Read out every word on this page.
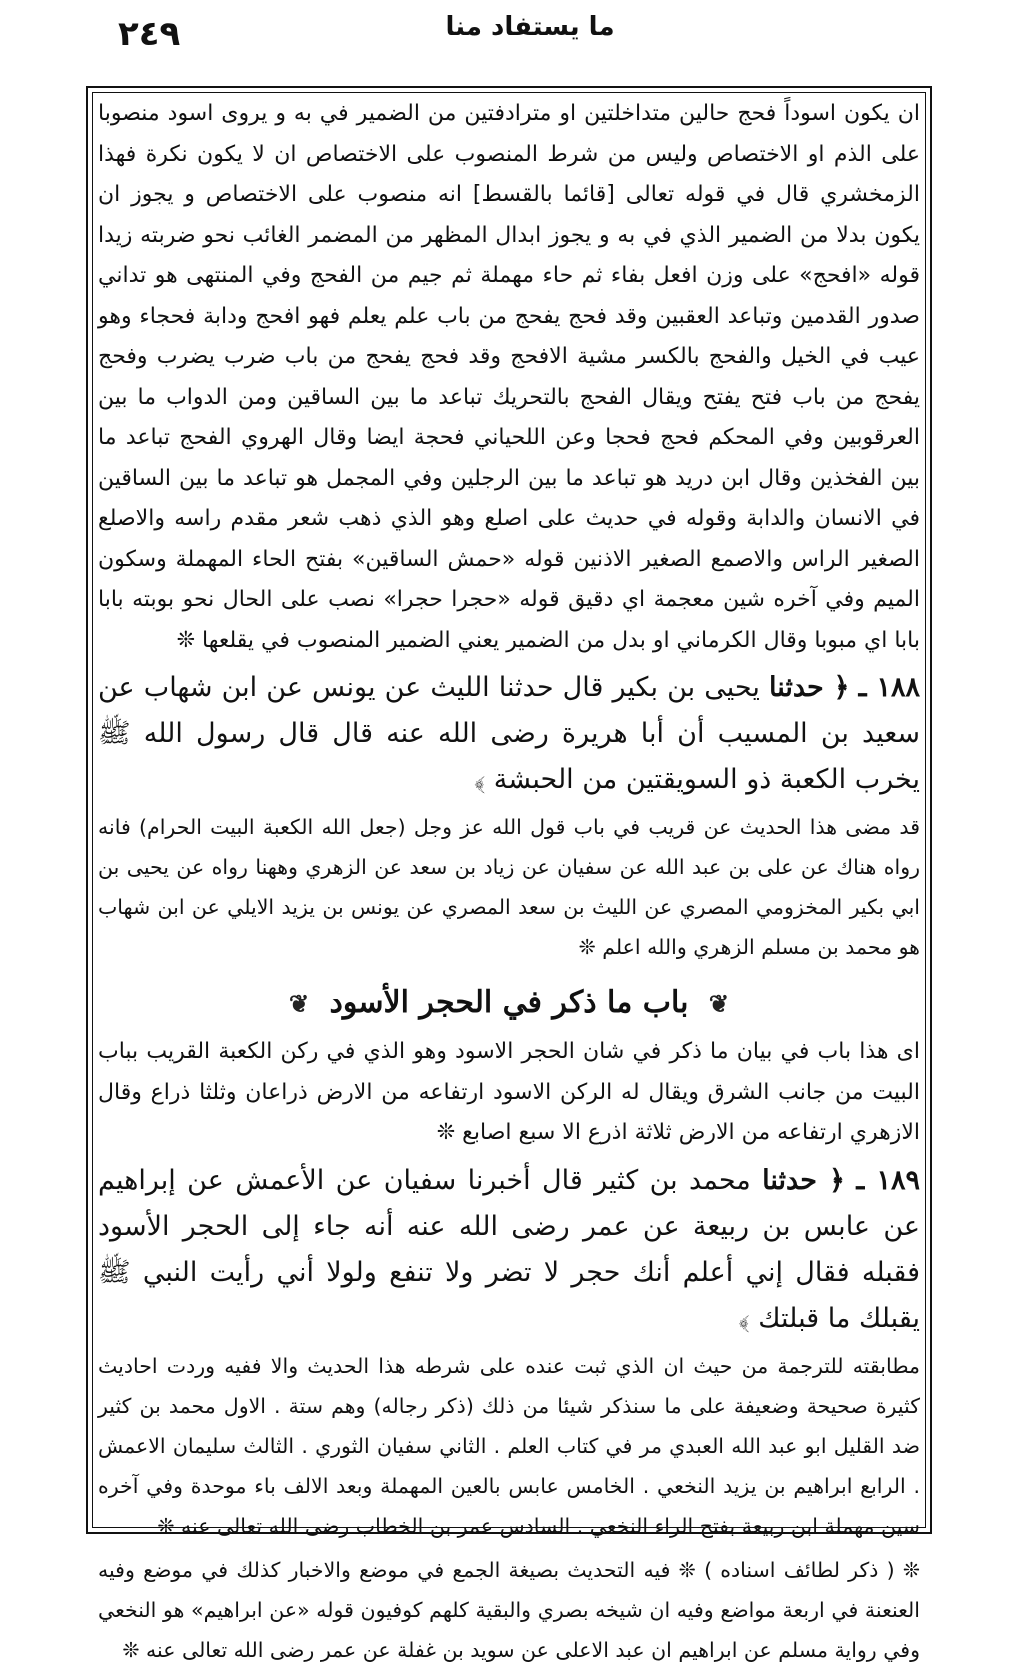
٢٤٩	ما يستفاد منا

ان يكون اسوداً فحج حالين متداخلتين او مترادفتين من الضمير في به و يروى اسود منصوبا على الذم او الاختصاص وليس من شرط المنصوب على الاختصاص ان لا يكون نكرة فهذا الزمخشري قال في قوله تعالى [قائما بالقسط] انه منصوب على الاختصاص و يجوز ان يكون بدلا من الضمير الذي في به و يجوز ابدال المظهر من المضمر الغائب نحو ضربته زيدا قوله «افحج» على وزن افعل بفاء ثم حاء مهملة ثم جيم من الفحج وفي المنتهى هو تداني صدور القدمين وتباعد العقبين وقد فحج يفحج من باب علم يعلم فهو افحج ودابة فحجاء وهو عيب في الخيل والفحج بالكسر مشية الافحج وقد فحج يفحج من باب ضرب يضرب وفحج يفحج من باب فتح يفتح ويقال الفحج بالتحريك تباعد ما بين الساقين ومن الدواب ما بين العرقوبين وفي المحكم فحج فحجا وعن اللحياني فحجة ايضا وقال الهروي الفحج تباعد ما بين الفخذين وقال ابن دريد هو تباعد ما بين الرجلين وفي المجمل هو تباعد ما بين الساقين في الانسان والدابة وقوله في حديث على اصلع وهو الذي ذهب شعر مقدم راسه والاصلع الصغير الراس والاصمع الصغير الاذنين قوله «حمش الساقين» بفتح الحاء المهملة وسكون الميم وفي آخره شين معجمة اي دقيق قوله «حجرا حجرا» نصب على الحال نحو بوبته بابا بابا اي مبوبا وقال الكرماني او بدل من الضمير يعني الضمير المنصوب في يقلعها ❊

١٨٨ ـ ﴿ حدثنا يحيى بن بكير قال حدثنا الليث عن يونس عن ابن شهاب عن سعيد بن المسيب أن أبا هريرة رضى الله عنه قال قال رسول الله ﷺ يخرب الكعبة ذو السويقتين من الحبشة ﴾

قد مضى هذا الحديث عن قريب في باب قول الله عز وجل (جعل الله الكعبة البيت الحرام) فانه رواه هناك عن على بن عبد الله عن سفيان عن زياد بن سعد عن الزهري وههنا رواه عن يحيى بن ابي بكير المخزومي المصري عن الليث بن سعد المصري عن يونس بن يزيد الايلي عن ابن شهاب هو محمد بن مسلم الزهري والله اعلم ❊

❦ باب ما ذكر في الحجر الأسود ❦

اى هذا باب في بيان ما ذكر في شان الحجر الاسود وهو الذي في ركن الكعبة القريب بباب البيت من جانب الشرق ويقال له الركن الاسود ارتفاعه من الارض ذراعان وثلثا ذراع وقال الازهري ارتفاعه من الارض ثلاثة اذرع الا سبع اصابع ❊

١٨٩ ـ ﴿ حدثنا محمد بن كثير قال أخبرنا سفيان عن الأعمش عن إبراهيم عن عابس بن ربيعة عن عمر رضى الله عنه أنه جاء إلى الحجر الأسود فقبله فقال إني أعلم أنك حجر لا تضر ولا تنفع ولولا أني رأيت النبي ﷺ يقبلك ما قبلتك ﴾

مطابقته للترجمة من حيث ان الذي ثبت عنده على شرطه هذا الحديث والا ففيه وردت احاديث كثيرة صحيحة وضعيفة على ما سنذكر شيئا من ذلك (ذكر رجاله) وهم ستة . الاول محمد بن كثير ضد القليل ابو عبد الله العبدي مر في كتاب العلم . الثاني سفيان الثوري . الثالث سليمان الاعمش . الرابع ابراهيم بن يزيد النخعي . الخامس عابس بالعين المهملة وبعد الالف باء موحدة وفي آخره سين مهملة ابن ربيعة بفتح الراء النخعي . السادس عمر بن الخطاب رضى الله تعالى عنه ❊

❊ ( ذكر لطائف اسناده ) ❊ فيه التحديث بصيغة الجمع في موضع والاخبار كذلك في موضع وفيه العنعنة في اربعة مواضع وفيه ان شيخه بصري والبقية كلهم كوفيون قوله «عن ابراهيم» هو النخعي وفي رواية مسلم عن ابراهيم ان عبد الاعلى عن سويد بن غفلة عن عمر رضى الله تعالى عنه ❊
